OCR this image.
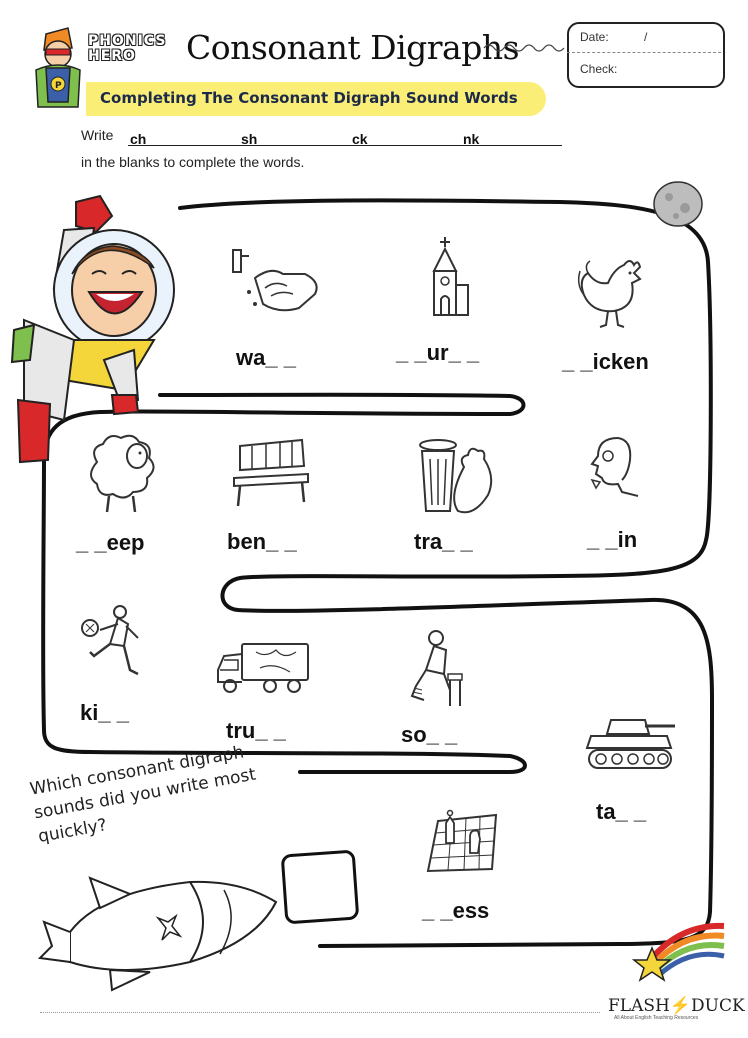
P
PHONICS
HERO	Consonant Digraphs
Completing The Consonant Digraph Sound Words
Date:	/
Check:
Write ch	sh	ck	nk
in the blanks to complete the words.
wa_ _	_ _ur_ _	_ _icken
_ _eep	ben_ _	tra_ _	_ _in
ki_ _
tru_ _	so_ _
ta_ _
_ _ess
Which consonant digraph sounds did you write most quickly?
FLASH⚡DUCK
All About English Teaching Resources
